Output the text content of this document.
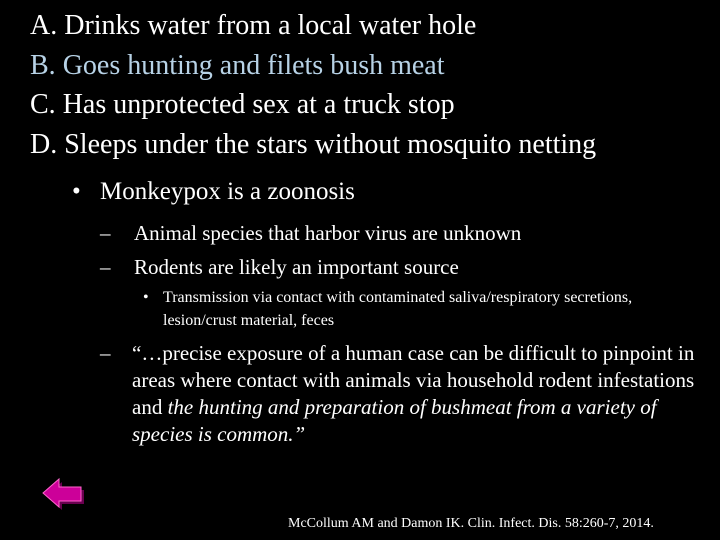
A. Drinks water from a local water hole
B. Goes hunting and filets bush meat
C. Has unprotected sex at a truck stop
D. Sleeps under the stars without mosquito netting
• Monkeypox is a zoonosis
– Animal species that harbor virus are unknown
– Rodents are likely an important source
• Transmission via contact with contaminated saliva/respiratory secretions, lesion/crust material, feces
–	“…precise exposure of a human case can be difficult to pinpoint in areas where contact with animals via household rodent infestations and the hunting and preparation of bushmeat from a variety of species is common.”
McCollum AM and Damon IK. Clin. Infect. Dis. 58:260-7, 2014.
